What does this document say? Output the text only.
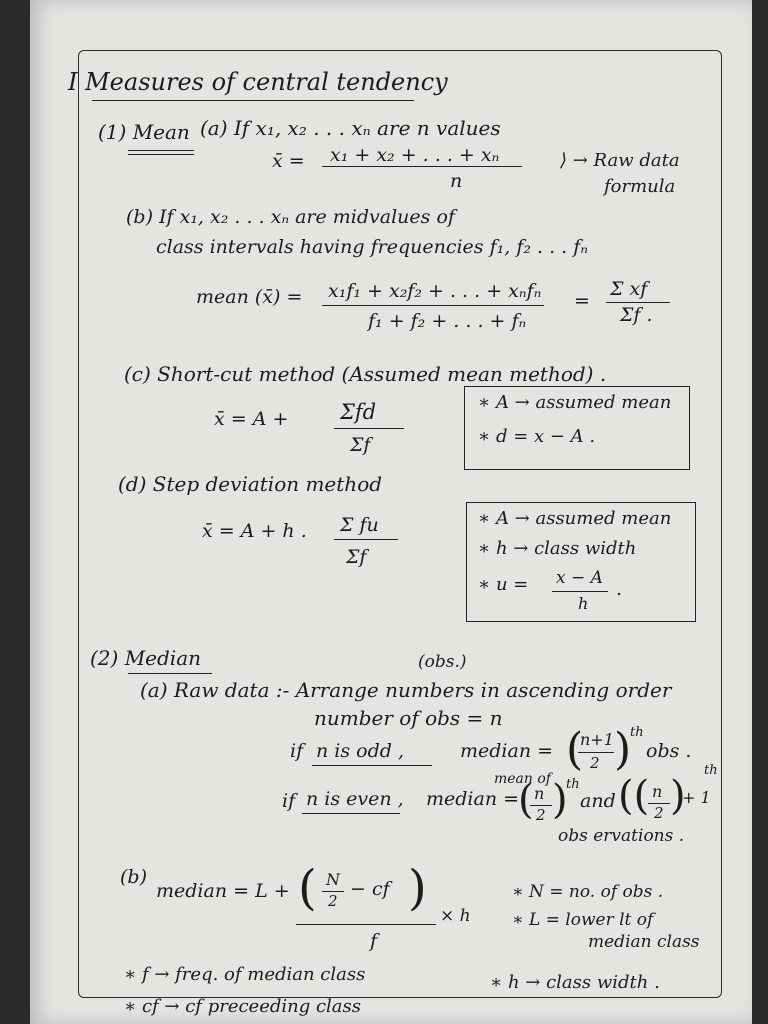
I Measures of central tendency
(1) Mean (a) If x₁, x₂ . . . xₙ are n values
x̄ = x₁ + x₂ + . . . + xₙ
n
⟩ → Raw data
formula
(b) If x₁, x₂ . . . xₙ are midvalues of
class intervals having frequencies f₁, f₂ . . . fₙ
mean (x̄) = x₁f₁ + x₂f₂ + . . . + xₙfₙ
f₁ + f₂ + . . . + fₙ
=
Σ xf
Σf .
(c) Short-cut method (Assumed mean method) .
x̄ = A + Σfd
Σf
∗ A → assumed mean
∗ d = x − A .
(d) Step deviation method
x̄ = A + h . Σ fu
Σf
∗ A → assumed mean
∗ h → class width
∗ u = x − A
h
.
(2) Median	(obs.)
(a) Raw data :- Arrange numbers in ascending order
number of obs = n
if n is odd ,	median = (
n+1
2 )
th
obs .
if n is even , median =
mean of
( n
2 )
th
and (( n
2 )
+ 1
th
obs ervations .
(b)
median = L + ( N
2
− cf )
f
× h
∗ N = no. of obs .
∗ L = lower lt of
median class
∗ f → freq. of median class	∗ h → class width .
∗ cf → cf preceeding class
